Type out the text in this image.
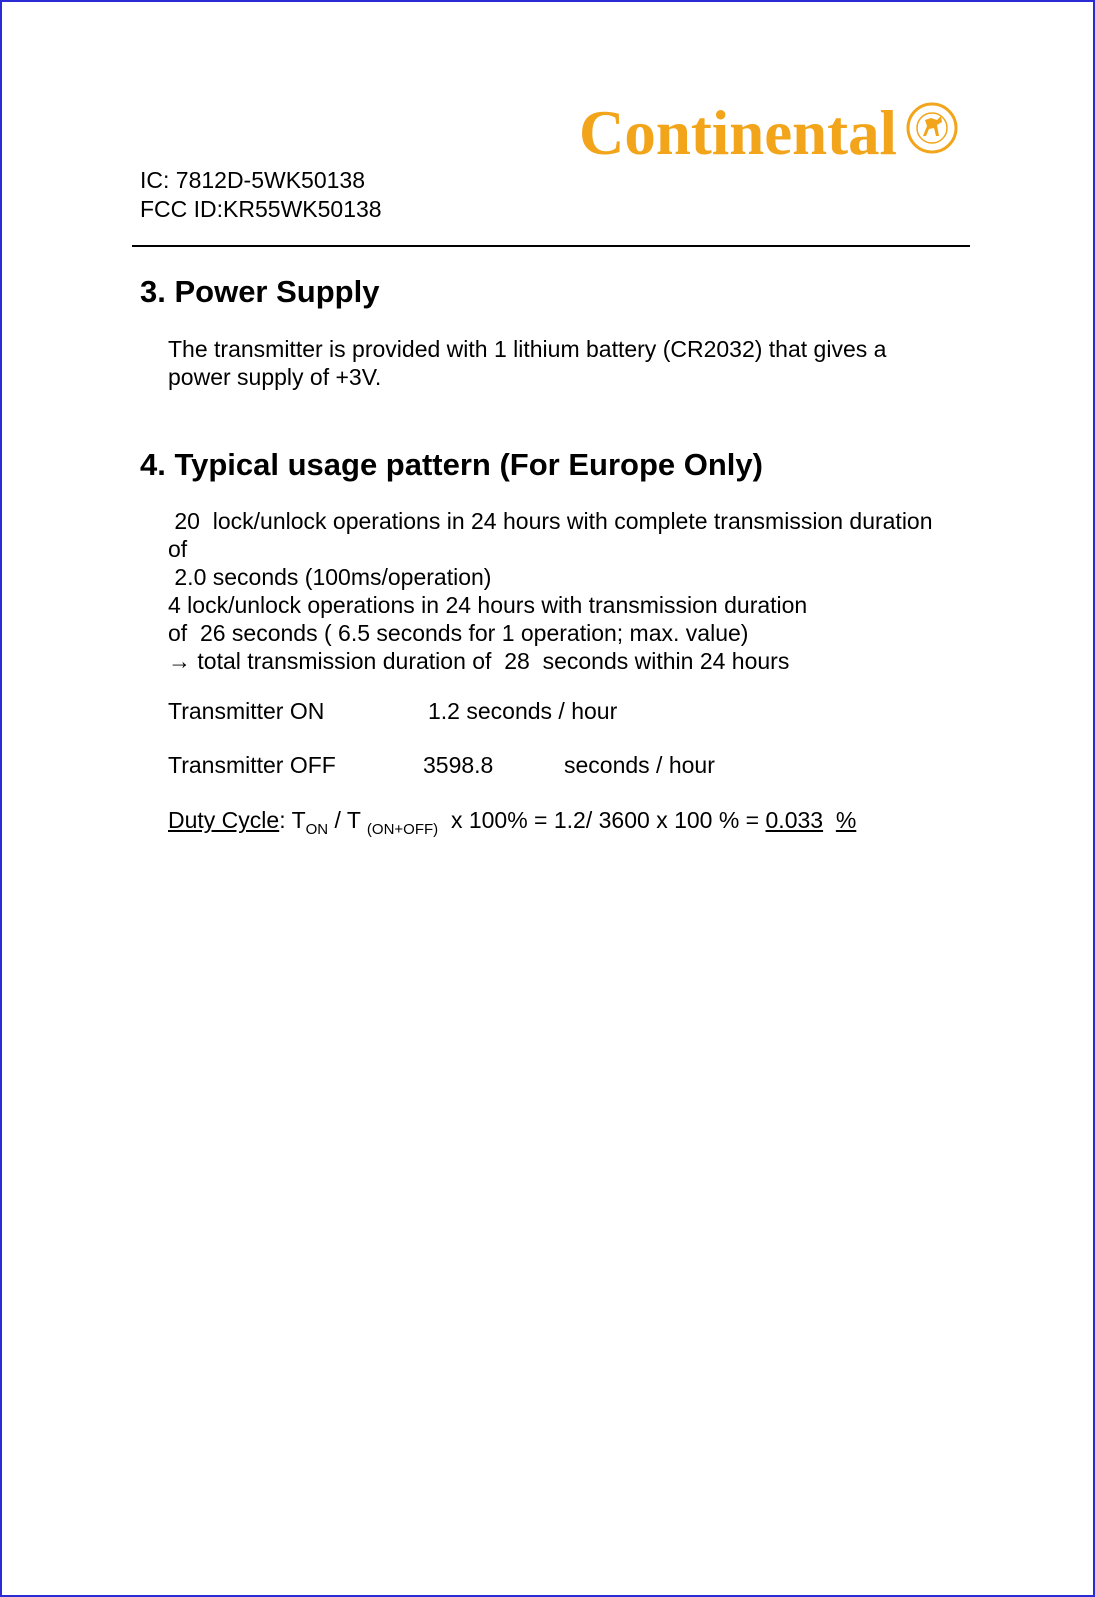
Continental
IC: 7812D-5WK50138
FCC ID:KR55WK50138
3. Power Supply
The transmitter is provided with 1 lithium battery (CR2032) that gives a
power supply of +3V.
4. Typical usage pattern (For Europe Only)
20  lock/unlock operations in 24 hours with complete transmission duration
of
2.0 seconds (100ms/operation)
4 lock/unlock operations in 24 hours with transmission duration
of  26 seconds ( 6.5 seconds for 1 operation; max. value)
→ total transmission duration of  28  seconds within 24 hours
Transmitter ON	1.2 seconds / hour
Transmitter OFF	3598.8	seconds / hour
Duty Cycle: $T_{ON}$ / T $_{(ON+OFF)}$  x 100% = 1.2/ 3600 x 100 % = 0.033 %
